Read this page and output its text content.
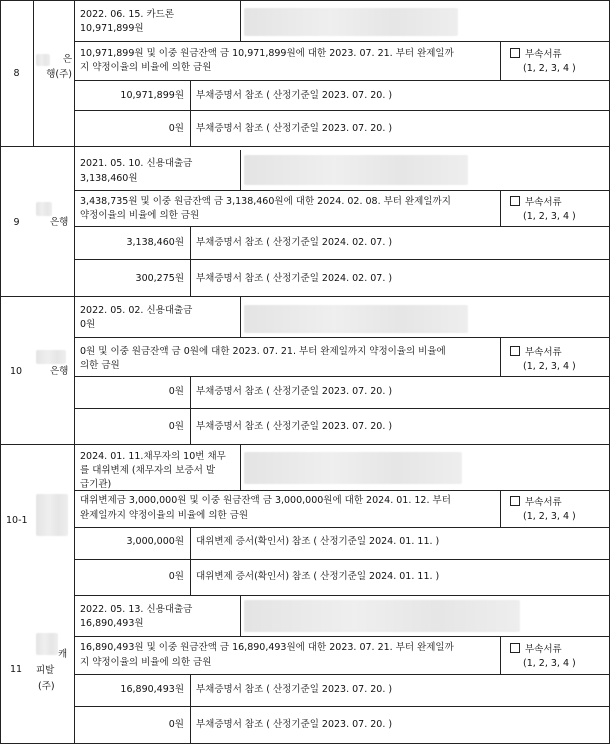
8
은
행(주)
2022. 06. 15. 카드론
10,971,899원
10,971,899원 및 이중 원금잔액 금 10,971,899원에 대한 2023. 07. 21. 부터 완제일까
지 약정이율의 비율에 의한 금원
부속서류
(1, 2, 3, 4 )
10,971,899원 부채증명서 참조 ( 산정기준일 2023. 07. 20. )
0원 부채증명서 참조 ( 산정기준일 2023. 07. 20. )
9	은행
2021. 05. 10. 신용대출금
3,138,460원
3,438,735원 및 이중 원금잔액 금 3,138,460원에 대한 2024. 02. 08. 부터 완제일까지
약정이율의 비율에 의한 금원
부속서류
(1, 2, 3, 4 )
3,138,460원 부채증명서 참조 ( 산정기준일 2024. 02. 07. )
300,275원 부채증명서 참조 ( 산정기준일 2024. 02. 07. )
10	은행
2022. 05. 02. 신용대출금
0원
0원 및 이중 원금잔액 금 0원에 대한 2023. 07. 21. 부터 완제일까지 약정이율의 비율에
의한 금원
부속서류
(1, 2, 3, 4 )
0원 부채증명서 참조 ( 산정기준일 2023. 07. 20. )
0원 부채증명서 참조 ( 산정기준일 2023. 07. 20. )
10-1
2024. 01. 11.채무자의 10번 채무
를 대위변제 (채무자의 보증서 발
급기관)
대위변제금 3,000,000원 및 이중 원금잔액 금 3,000,000원에 대한 2024. 01. 12. 부터
완제일까지 약정이율의 비율에 의한 금원
부속서류
(1, 2, 3, 4 )
3,000,000원 대위변제 증서(확인서) 참조 ( 산정기준일 2024. 01. 11. )
0원 대위변제 증서(확인서) 참조 ( 산정기준일 2024. 01. 11. )
11
캐
피탈
(주)
2022. 05. 13. 신용대출금
16,890,493원
16,890,493원 및 이중 원금잔액 금 16,890,493원에 대한 2023. 07. 21. 부터 완제일까
지 약정이율의 비율에 의한 금원
부속서류
(1, 2, 3, 4 )
16,890,493원 부채증명서 참조 ( 산정기준일 2023. 07. 20. )
0원 부채증명서 참조 ( 산정기준일 2023. 07. 20. )
